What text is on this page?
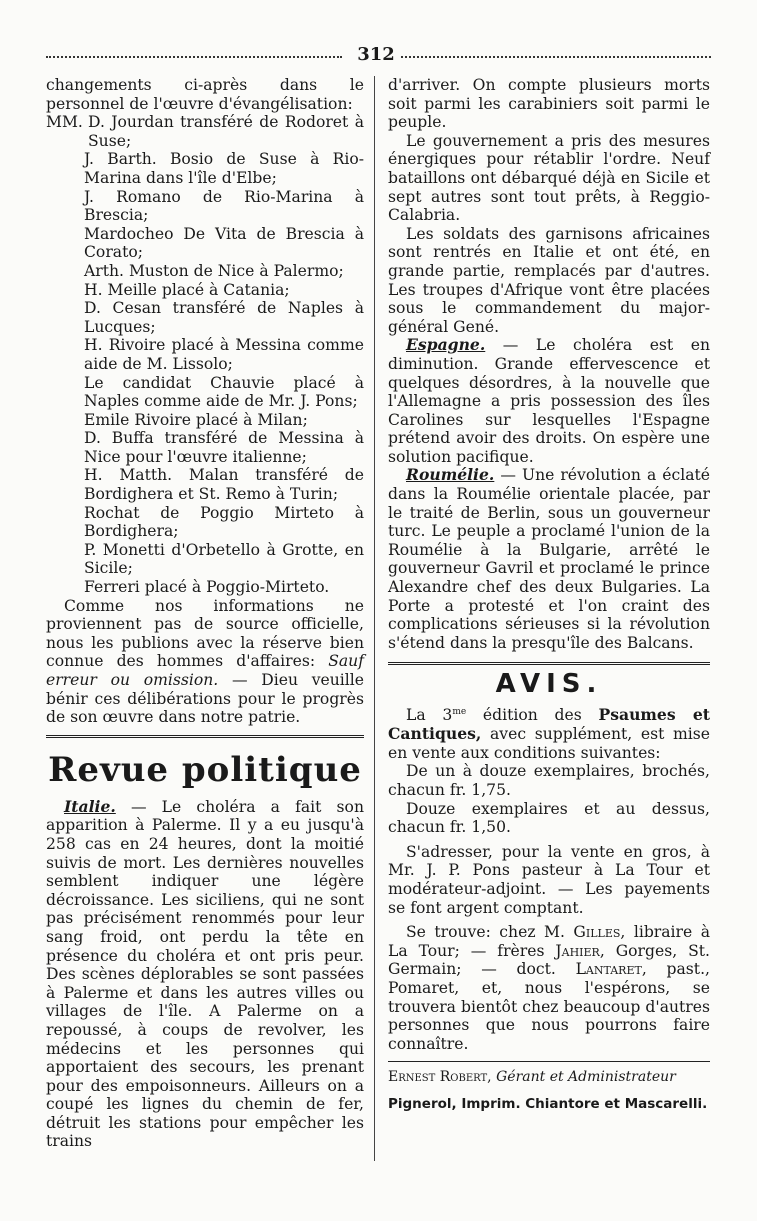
312

changements ci-après dans le personnel de l'œuvre d'évangélisation:

MM. D. Jourdan transféré de Rodoret à Suse;

J. Barth. Bosio de Suse à Rio-Marina dans l'île d'Elbe;

J. Romano de Rio-Marina à Brescia;

Mardocheo De Vita de Brescia à Corato;

Arth. Muston de Nice à Palermo;

H. Meille placé à Catania;

D. Cesan transféré de Naples à Lucques;

H. Rivoire placé à Messina comme aide de M. Lissolo;

Le candidat Chauvie placé à Naples comme aide de Mr. J. Pons;

Emile Rivoire placé à Milan;

D. Buffa transféré de Messina à Nice pour l'œuvre italienne;

H. Matth. Malan transféré de Bordighera et St. Remo à Turin;

Rochat de Poggio Mirteto à Bordighera;

P. Monetti d'Orbetello à Grotte, en Sicile;

Ferreri placé à Poggio-Mirteto.

Comme nos informations ne proviennent pas de source officielle, nous les publions avec la réserve bien connue des hommes d'affaires: Sauf erreur ou omission. — Dieu veuille bénir ces délibérations pour le progrès de son œuvre dans notre patrie.

Revue politique

Italie. — Le choléra a fait son apparition à Palerme. Il y a eu jusqu'à 258 cas en 24 heures, dont la moitié suivis de mort. Les dernières nouvelles semblent indiquer une légère décroissance. Les siciliens, qui ne sont pas précisément renommés pour leur sang froid, ont perdu la tête en présence du choléra et ont pris peur. Des scènes déplorables se sont passées à Palerme et dans les autres villes ou villages de l'île. A Palerme on a repoussé, à coups de revolver, les médecins et les personnes qui apportaient des secours, les prenant pour des empoisonneurs. Ailleurs on a coupé les lignes du chemin de fer, détruit les stations pour empêcher les trains

d'arriver. On compte plusieurs morts soit parmi les carabiniers soit parmi le peuple.

Le gouvernement a pris des mesures énergiques pour rétablir l'ordre. Neuf bataillons ont débarqué déjà en Sicile et sept autres sont tout prêts, à Reggio-Calabria.

Les soldats des garnisons africaines sont rentrés en Italie et ont été, en grande partie, remplacés par d'autres. Les troupes d'Afrique vont être placées sous le commandement du major-général Gené.

Espagne. — Le choléra est en diminution. Grande effervescence et quelques désordres, à la nouvelle que l'Allemagne a pris possession des îles Carolines sur lesquelles l'Espagne prétend avoir des droits. On espère une solution pacifique.

Roumélie. — Une révolution a éclaté dans la Roumélie orientale placée, par le traité de Berlin, sous un gouverneur turc. Le peuple a proclamé l'union de la Roumélie à la Bulgarie, arrêté le gouverneur Gavril et proclamé le prince Alexandre chef des deux Bulgaries. La Porte a protesté et l'on craint des complications sérieuses si la révolution s'étend dans la presqu'île des Balcans.

AVIS.

La $3^{me}$ édition des Psaumes et Cantiques, avec supplément, est mise en vente aux conditions suivantes:

De un à douze exemplaires, brochés, chacun fr. 1,75.

Douze exemplaires et au dessus, chacun fr. 1,50.

S'adresser, pour la vente en gros, à Mr. J. P. Pons pasteur à La Tour et modérateur-adjoint. — Les payements se font argent comptant.

Se trouve: chez M. Gilles, libraire à La Tour; — frères Jahier, Gorges, St. Germain; — doct. Lantaret, past., Pomaret, et, nous l'espérons, se trouvera bientôt chez beaucoup d'autres personnes que nous pourrons faire connaître.

Ernest Robert, Gérant et Administrateur

Pignerol, Imprim. Chiantore et Mascarelli.
